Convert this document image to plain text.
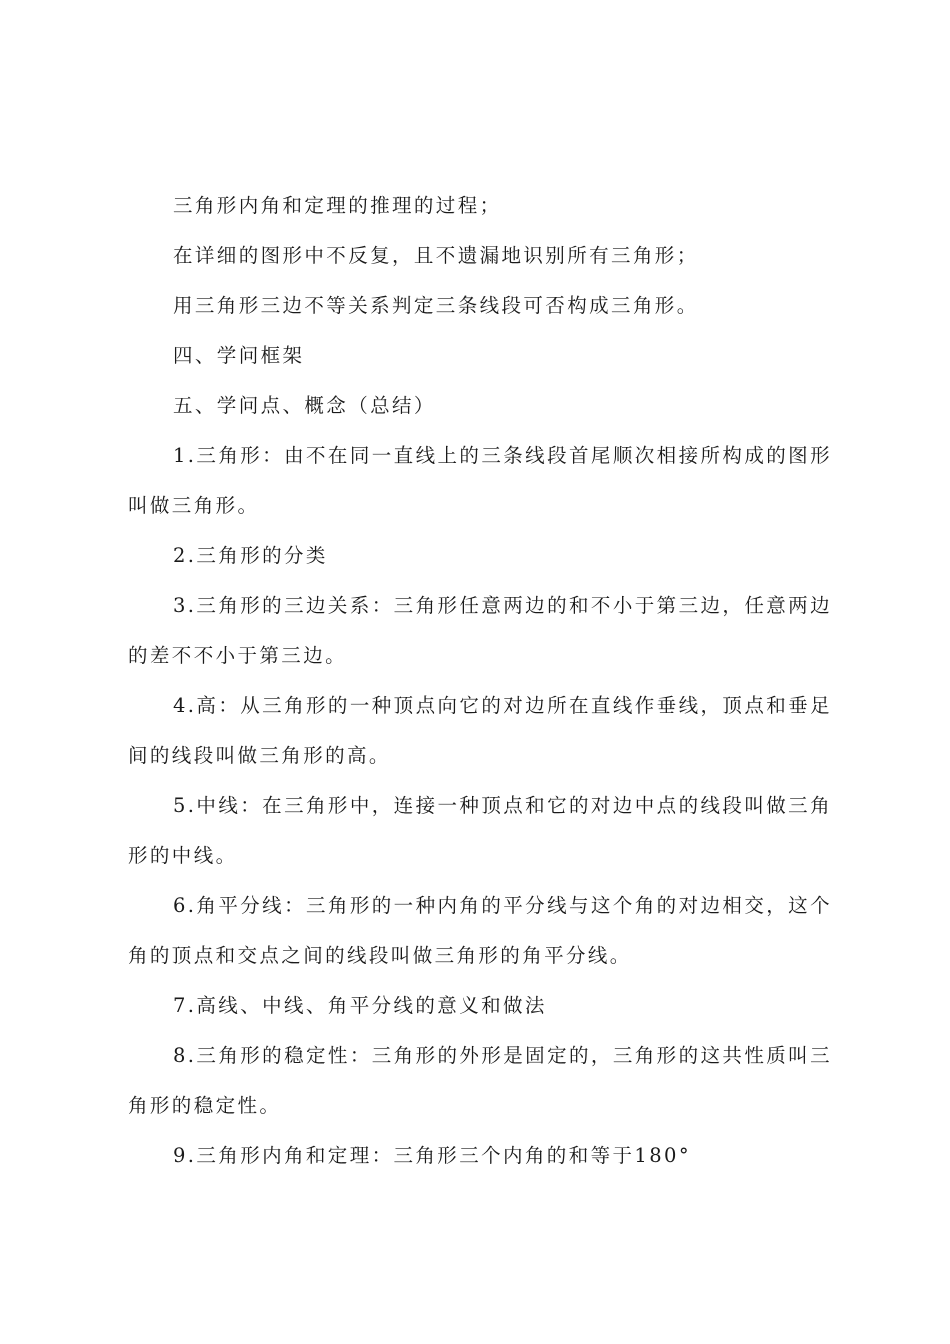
三角形内角和定理的推理的过程；

在详细的图形中不反复，且不遗漏地识别所有三角形；

用三角形三边不等关系判定三条线段可否构成三角形。

四、学问框架

五、学问点、概念（总结）

1.三角形：由不在同一直线上的三条线段首尾顺次相接所构成的图形叫做三角形。

2.三角形的分类

3.三角形的三边关系：三角形任意两边的和不小于第三边，任意两边的差不不小于第三边。

4.高：从三角形的一种顶点向它的对边所在直线作垂线，顶点和垂足间的线段叫做三角形的高。

5.中线：在三角形中，连接一种顶点和它的对边中点的线段叫做三角形的中线。

6.角平分线：三角形的一种内角的平分线与这个角的对边相交，这个角的顶点和交点之间的线段叫做三角形的角平分线。

7.高线、中线、角平分线的意义和做法

8.三角形的稳定性：三角形的外形是固定的，三角形的这共性质叫三角形的稳定性。

9.三角形内角和定理：三角形三个内角的和等于180°
